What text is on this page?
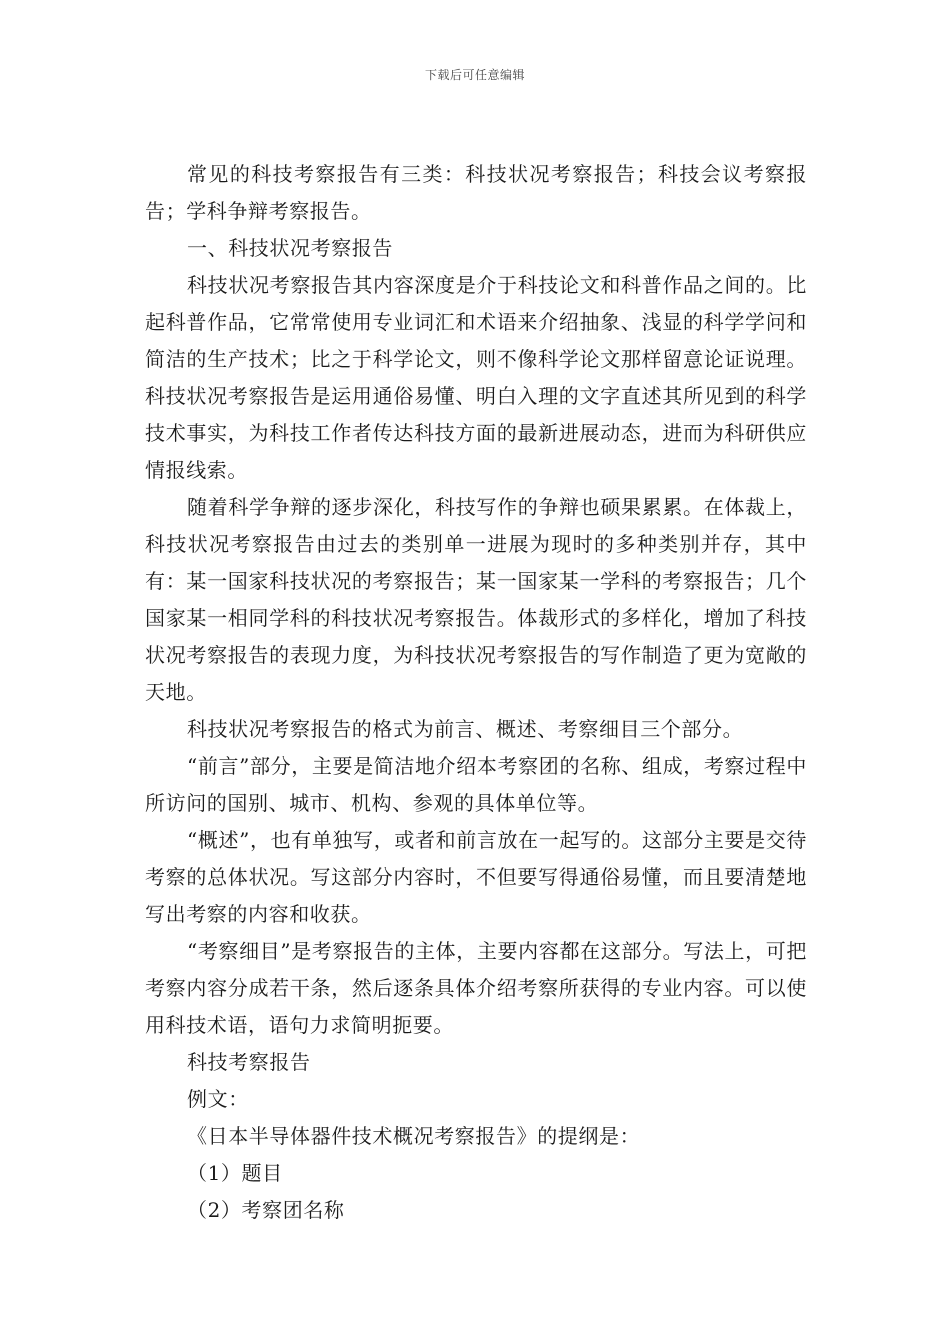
下载后可任意编辑

常见的科技考察报告有三类：科技状况考察报告；科技会议考察报告；学科争辩考察报告。

一、科技状况考察报告

科技状况考察报告其内容深度是介于科技论文和科普作品之间的。比起科普作品，它常常使用专业词汇和术语来介绍抽象、浅显的科学学问和简洁的生产技术；比之于科学论文，则不像科学论文那样留意论证说理。科技状况考察报告是运用通俗易懂、明白入理的文字直述其所见到的科学技术事实，为科技工作者传达科技方面的最新进展动态，进而为科研供应情报线索。

随着科学争辩的逐步深化，科技写作的争辩也硕果累累。在体裁上，科技状况考察报告由过去的类别单一进展为现时的多种类别并存，其中有：某一国家科技状况的考察报告；某一国家某一学科的考察报告；几个国家某一相同学科的科技状况考察报告。体裁形式的多样化，增加了科技状况考察报告的表现力度，为科技状况考察报告的写作制造了更为宽敞的天地。

科技状况考察报告的格式为前言、概述、考察细目三个部分。

“前言”部分，主要是简洁地介绍本考察团的名称、组成，考察过程中所访问的国别、城市、机构、参观的具体单位等。

“概述”，也有单独写，或者和前言放在一起写的。这部分主要是交待考察的总体状况。写这部分内容时，不但要写得通俗易懂，而且要清楚地写出考察的内容和收获。

“考察细目”是考察报告的主体，主要内容都在这部分。写法上，可把考察内容分成若干条，然后逐条具体介绍考察所获得的专业内容。可以使用科技术语，语句力求简明扼要。

科技考察报告

例文：

《日本半导体器件技术概况考察报告》的提纲是：

（1）题目

（2）考察团名称
